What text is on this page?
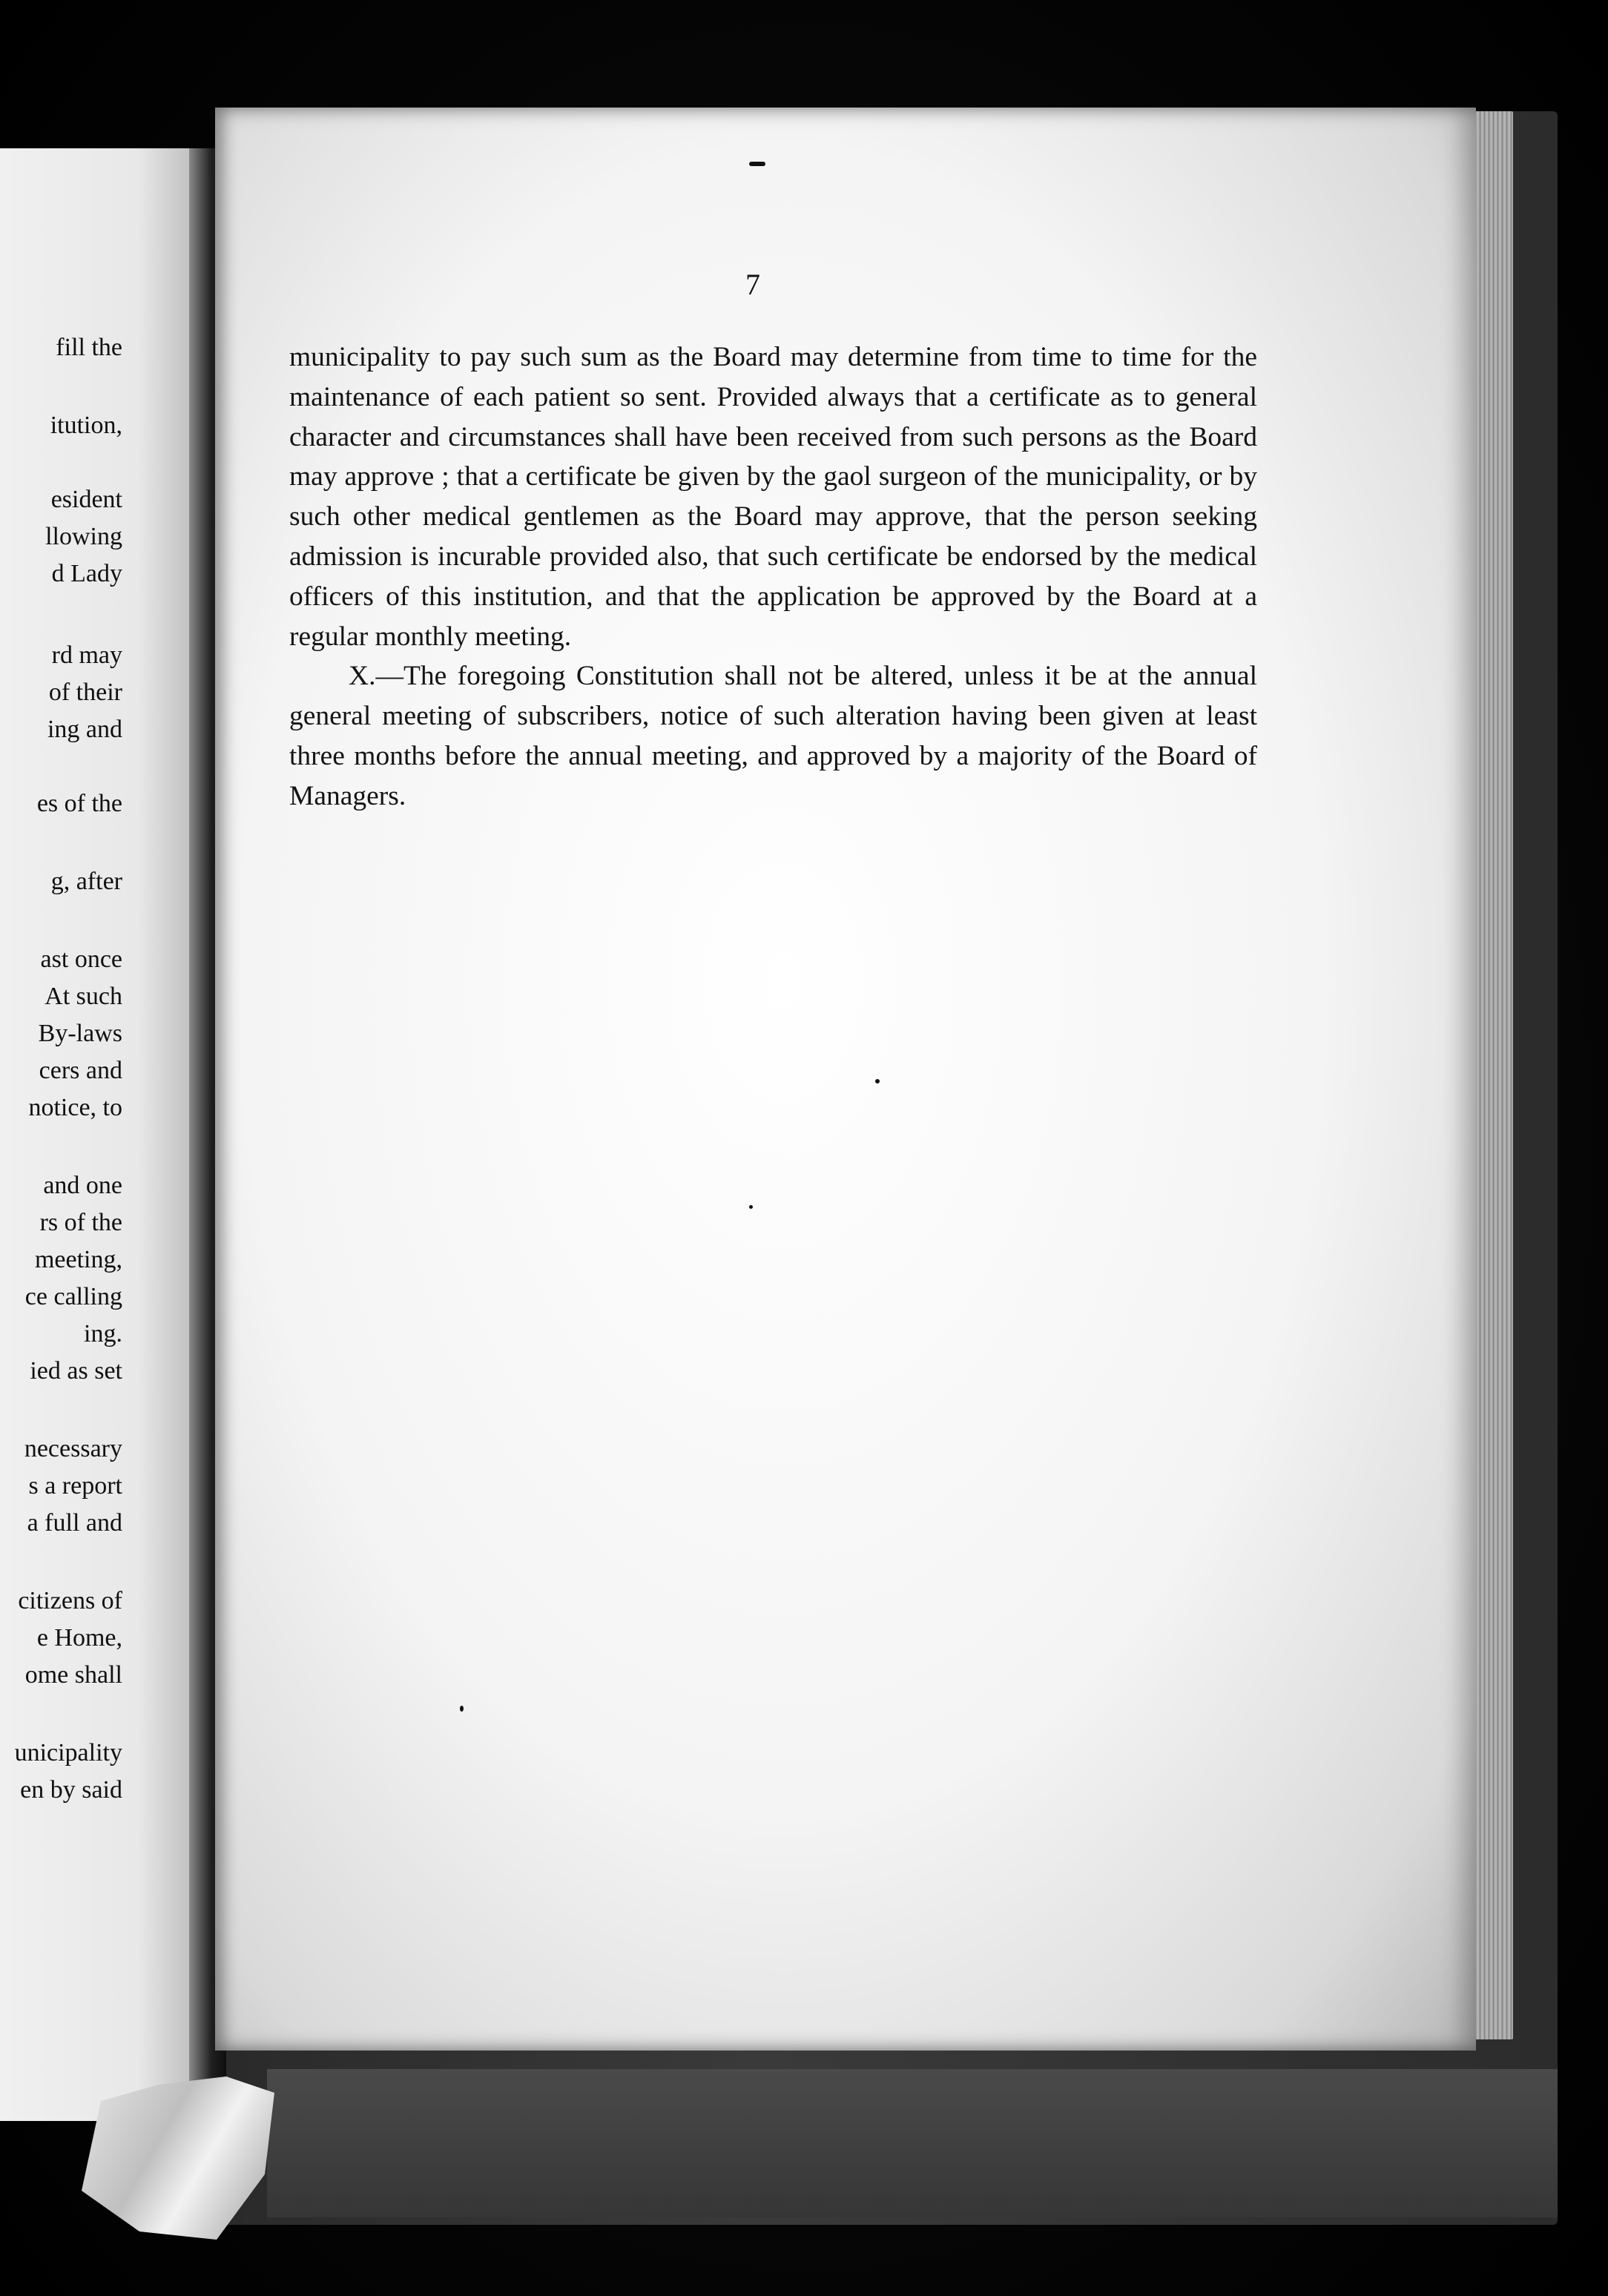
fill the
itution,
esident
llowing
d Lady
rd may
of their
ing and
es of the
g, after
ast once
At such
By-laws
cers and
notice, to
and one
rs of the
meeting,
ce calling
ing.
ied as set
necessary
s a report
a full and
citizens of
e Home,
ome shall
unicipality
en by said
7

municipality to pay such sum as the Board may determine from time to time for the maintenance of each patient so sent. Provided always that a certificate as to general character and circumstances shall have been received from such persons as the Board may approve ; that a certificate be given by the gaol surgeon of the municipality, or by such other medical gentlemen as the Board may approve, that the person seeking admission is incurable provided also, that such certificate be endorsed by the medical officers of this institution, and that the application be approved by the Board at a regular monthly meeting.

X.—The foregoing Constitution shall not be altered, unless it be at the annual general meeting of subscribers, notice of such alteration having been given at least three months before the annual meeting, and approved by a majority of the Board of Managers.
